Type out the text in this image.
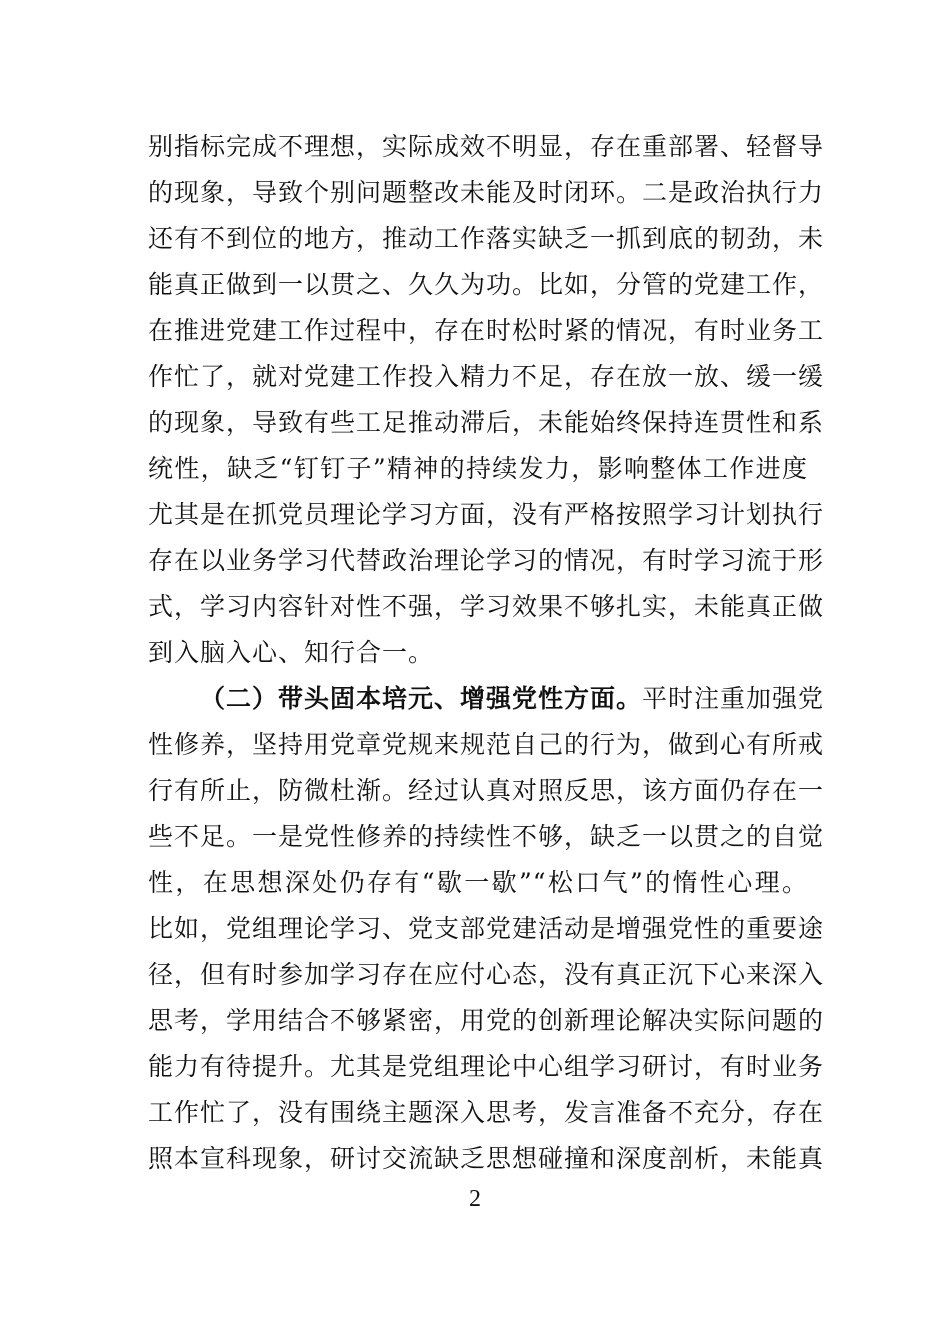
别指标完成不理想，实际成效不明显，存在重部署、轻督导
的现象，导致个别问题整改未能及时闭环。二是政治执行力
还有不到位的地方，推动工作落实缺乏一抓到底的韧劲，未
能真正做到一以贯之、久久为功。比如，分管的党建工作，
在推进党建工作过程中，存在时松时紧的情况，有时业务工
作忙了，就对党建工作投入精力不足，存在放一放、缓一缓
的现象，导致有些工足推动滞后，未能始终保持连贯性和系
统性，缺乏“钉钉子”精神的持续发力，影响整体工作进度
尤其是在抓党员理论学习方面，没有严格按照学习计划执行
存在以业务学习代替政治理论学习的情况，有时学习流于形
式，学习内容针对性不强，学习效果不够扎实，未能真正做
到入脑入心、知行合一。
（二）带头固本培元、增强党性方面。平时注重加强党
性修养，坚持用党章党规来规范自己的行为，做到心有所戒
行有所止，防微杜渐。经过认真对照反思，该方面仍存在一
些不足。一是党性修养的持续性不够，缺乏一以贯之的自觉
性，在思想深处仍存有“歇一歇”“松口气”的惰性心理。
比如，党组理论学习、党支部党建活动是增强党性的重要途
径，但有时参加学习存在应付心态，没有真正沉下心来深入
思考，学用结合不够紧密，用党的创新理论解决实际问题的
能力有待提升。尤其是党组理论中心组学习研讨，有时业务
工作忙了，没有围绕主题深入思考，发言准备不充分，存在
照本宣科现象，研讨交流缺乏思想碰撞和深度剖析，未能真
2
